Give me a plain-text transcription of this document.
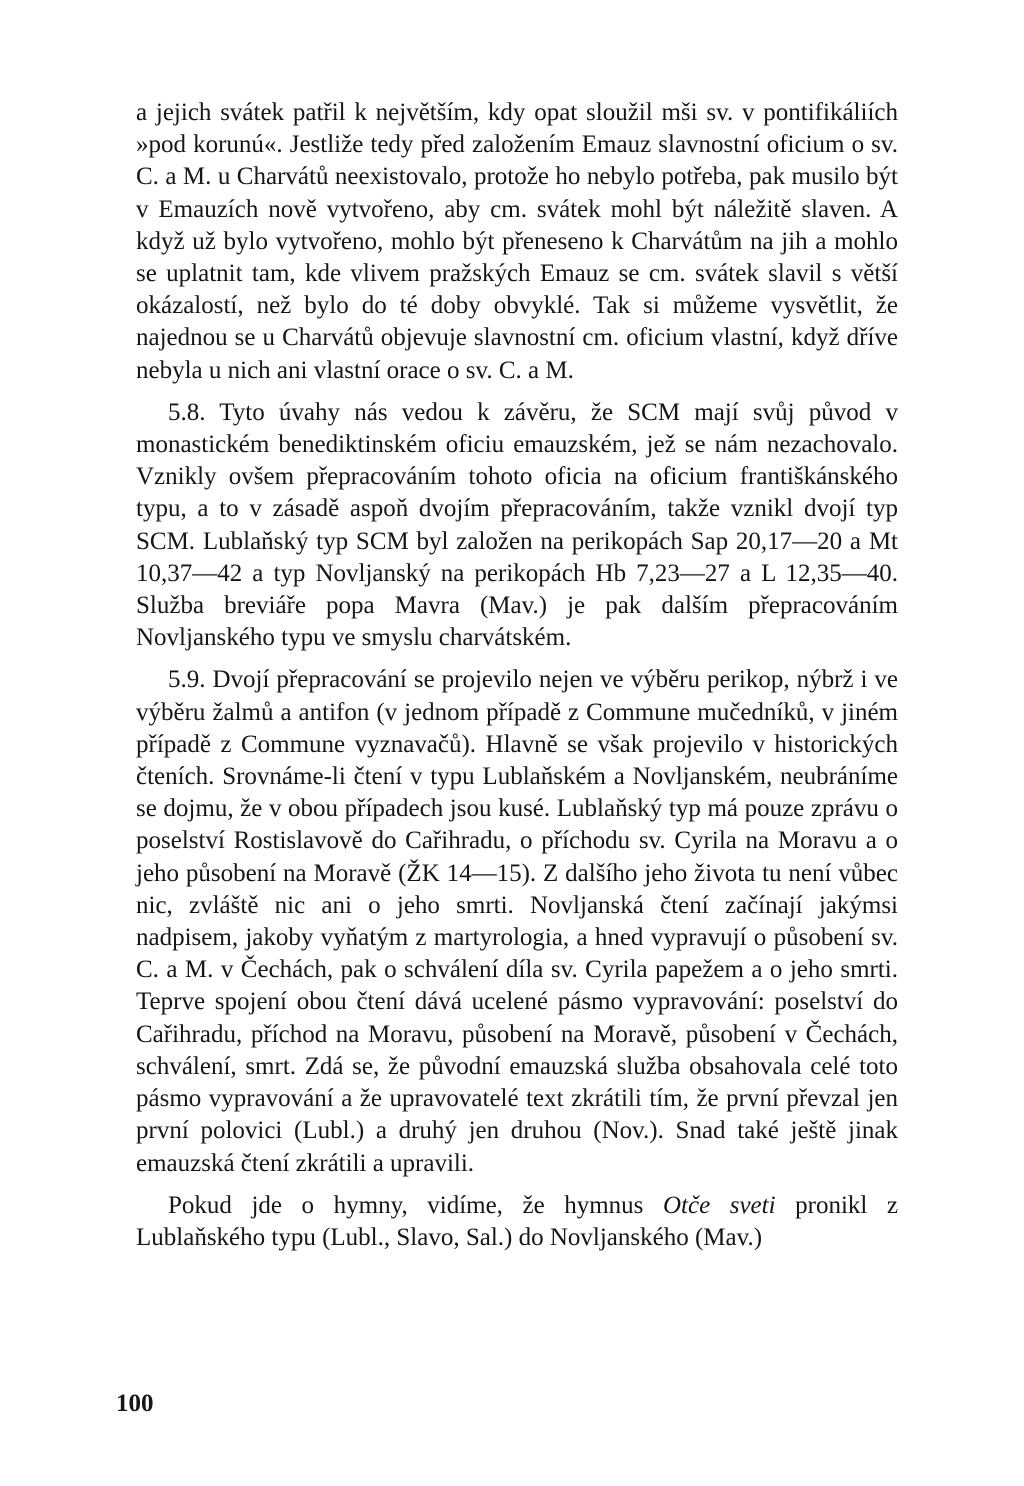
a jejich svátek patřil k největším, kdy opat sloužil mši sv. v pontifikáliích »pod korunú«. Jestliže tedy před založením Emauz slavnostní oficium o sv. C. a M. u Charvátů neexistovalo, protože ho nebylo potřeba, pak musilo být v Emauzích nově vytvořeno, aby cm. svátek mohl být náležitě slaven. A když už bylo vytvořeno, mohlo být přeneseno k Charvátům na jih a mohlo se uplatnit tam, kde vlivem pražských Emauz se cm. svátek slavil s větší okázalostí, než bylo do té doby obvyklé. Tak si můžeme vysvětlit, že najednou se u Charvátů objevuje slavnostní cm. oficium vlastní, když dříve nebyla u nich ani vlastní orace o sv. C. a M.

5.8. Tyto úvahy nás vedou k závěru, že SCM mají svůj původ v monastickém benediktinském oficiu emauzském, jež se nám nezachovalo. Vznikly ovšem přepracováním tohoto oficia na oficium františkánského typu, a to v zásadě aspoň dvojím přepracováním, takže vznikl dvojí typ SCM. Lublaňský typ SCM byl založen na perikopách Sap 20,17—20 a Mt 10,37—42 a typ Novljanský na perikopách Hb 7,23—27 a L 12,35—40. Služba breviáře popa Mavra (Mav.) je pak dalším přepracováním Novljanského typu ve smyslu charvátském.

5.9. Dvojí přepracování se projevilo nejen ve výběru perikop, nýbrž i ve výběru žalmů a antifon (v jednom případě z Commune mučedníků, v jiném případě z Commune vyznavačů). Hlavně se však projevilo v historických čteních. Srovnáme-li čtení v typu Lublaňském a Novljanském, neubráníme se dojmu, že v obou případech jsou kusé. Lublaňský typ má pouze zprávu o poselství Rostislavově do Cařihradu, o příchodu sv. Cyrila na Moravu a o jeho působení na Moravě (ŽK 14—15). Z dalšího jeho života tu není vůbec nic, zvláště nic ani o jeho smrti. Novljanská čtení začínají jakýmsi nadpisem, jakoby vyňatým z martyrologia, a hned vypravují o působení sv. C. a M. v Čechách, pak o schválení díla sv. Cyrila papežem a o jeho smrti. Teprve spojení obou čtení dává ucelené pásmo vypravování: poselství do Cařihradu, příchod na Moravu, působení na Moravě, působení v Čechách, schválení, smrt. Zdá se, že původní emauzská služba obsahovala celé toto pásmo vypravování a že upravovatelé text zkrátili tím, že první převzal jen první polovici (Lubl.) a druhý jen druhou (Nov.). Snad také ještě jinak emauzská čtení zkrátili a upravili.

Pokud jde o hymny, vidíme, že hymnus Otče sveti pronikl z Lublaňského typu (Lubl., Slavo, Sal.) do Novljanského (Mav.)

100
